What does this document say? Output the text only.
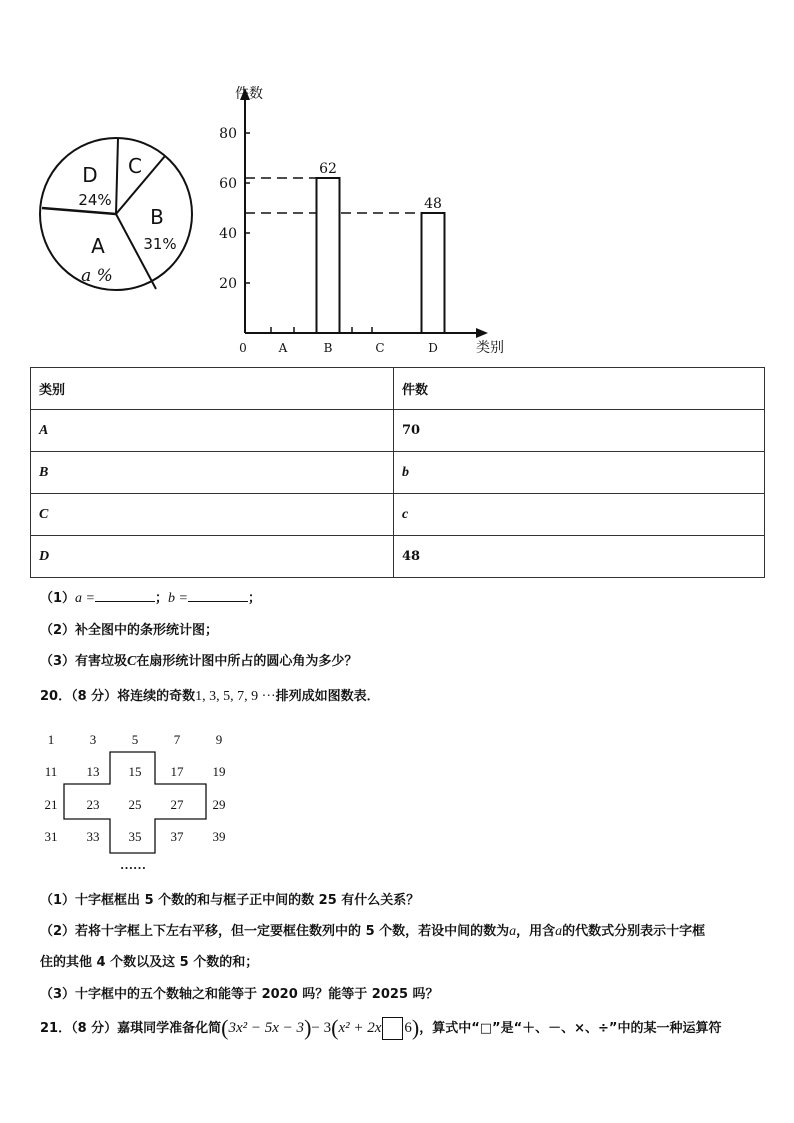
D
24%
C
B
31%
A
a %
件数
类别
0
20
40
60
80
A	B	C	D
62
48
类别	件数
A	70
B	b
C	c
D	48
（1）a =	；b =	；
（2）补全图中的条形统计图；
（3）有害垃圾C在扇形统计图中所占的圆心角为多少？
20．（8 分）将连续的奇数1, 3, 5, 7, 9 ···排列成如图数表．
1	3	5	7	9
11	13	15	17	19
21	23	25	27	29
31	33	35	37	39
……
（1）十字框框出 5 个数的和与框子正中间的数 25 有什么关系？
（2）若将十字框上下左右平移，但一定要框住数列中的 5 个数，若设中间的数为a，用含a的代数式分别表示十字框
住的其他 4 个数以及这 5 个数的和；
（3）十字框中的五个数轴之和能等于 2020 吗？能等于 2025 吗？
21．（8 分）嘉琪同学准备化简(3x² − 5x − 3)− 3(x² + 2x 6)，算式中“□”是“＋、－、×、÷”中的某一种运算符
